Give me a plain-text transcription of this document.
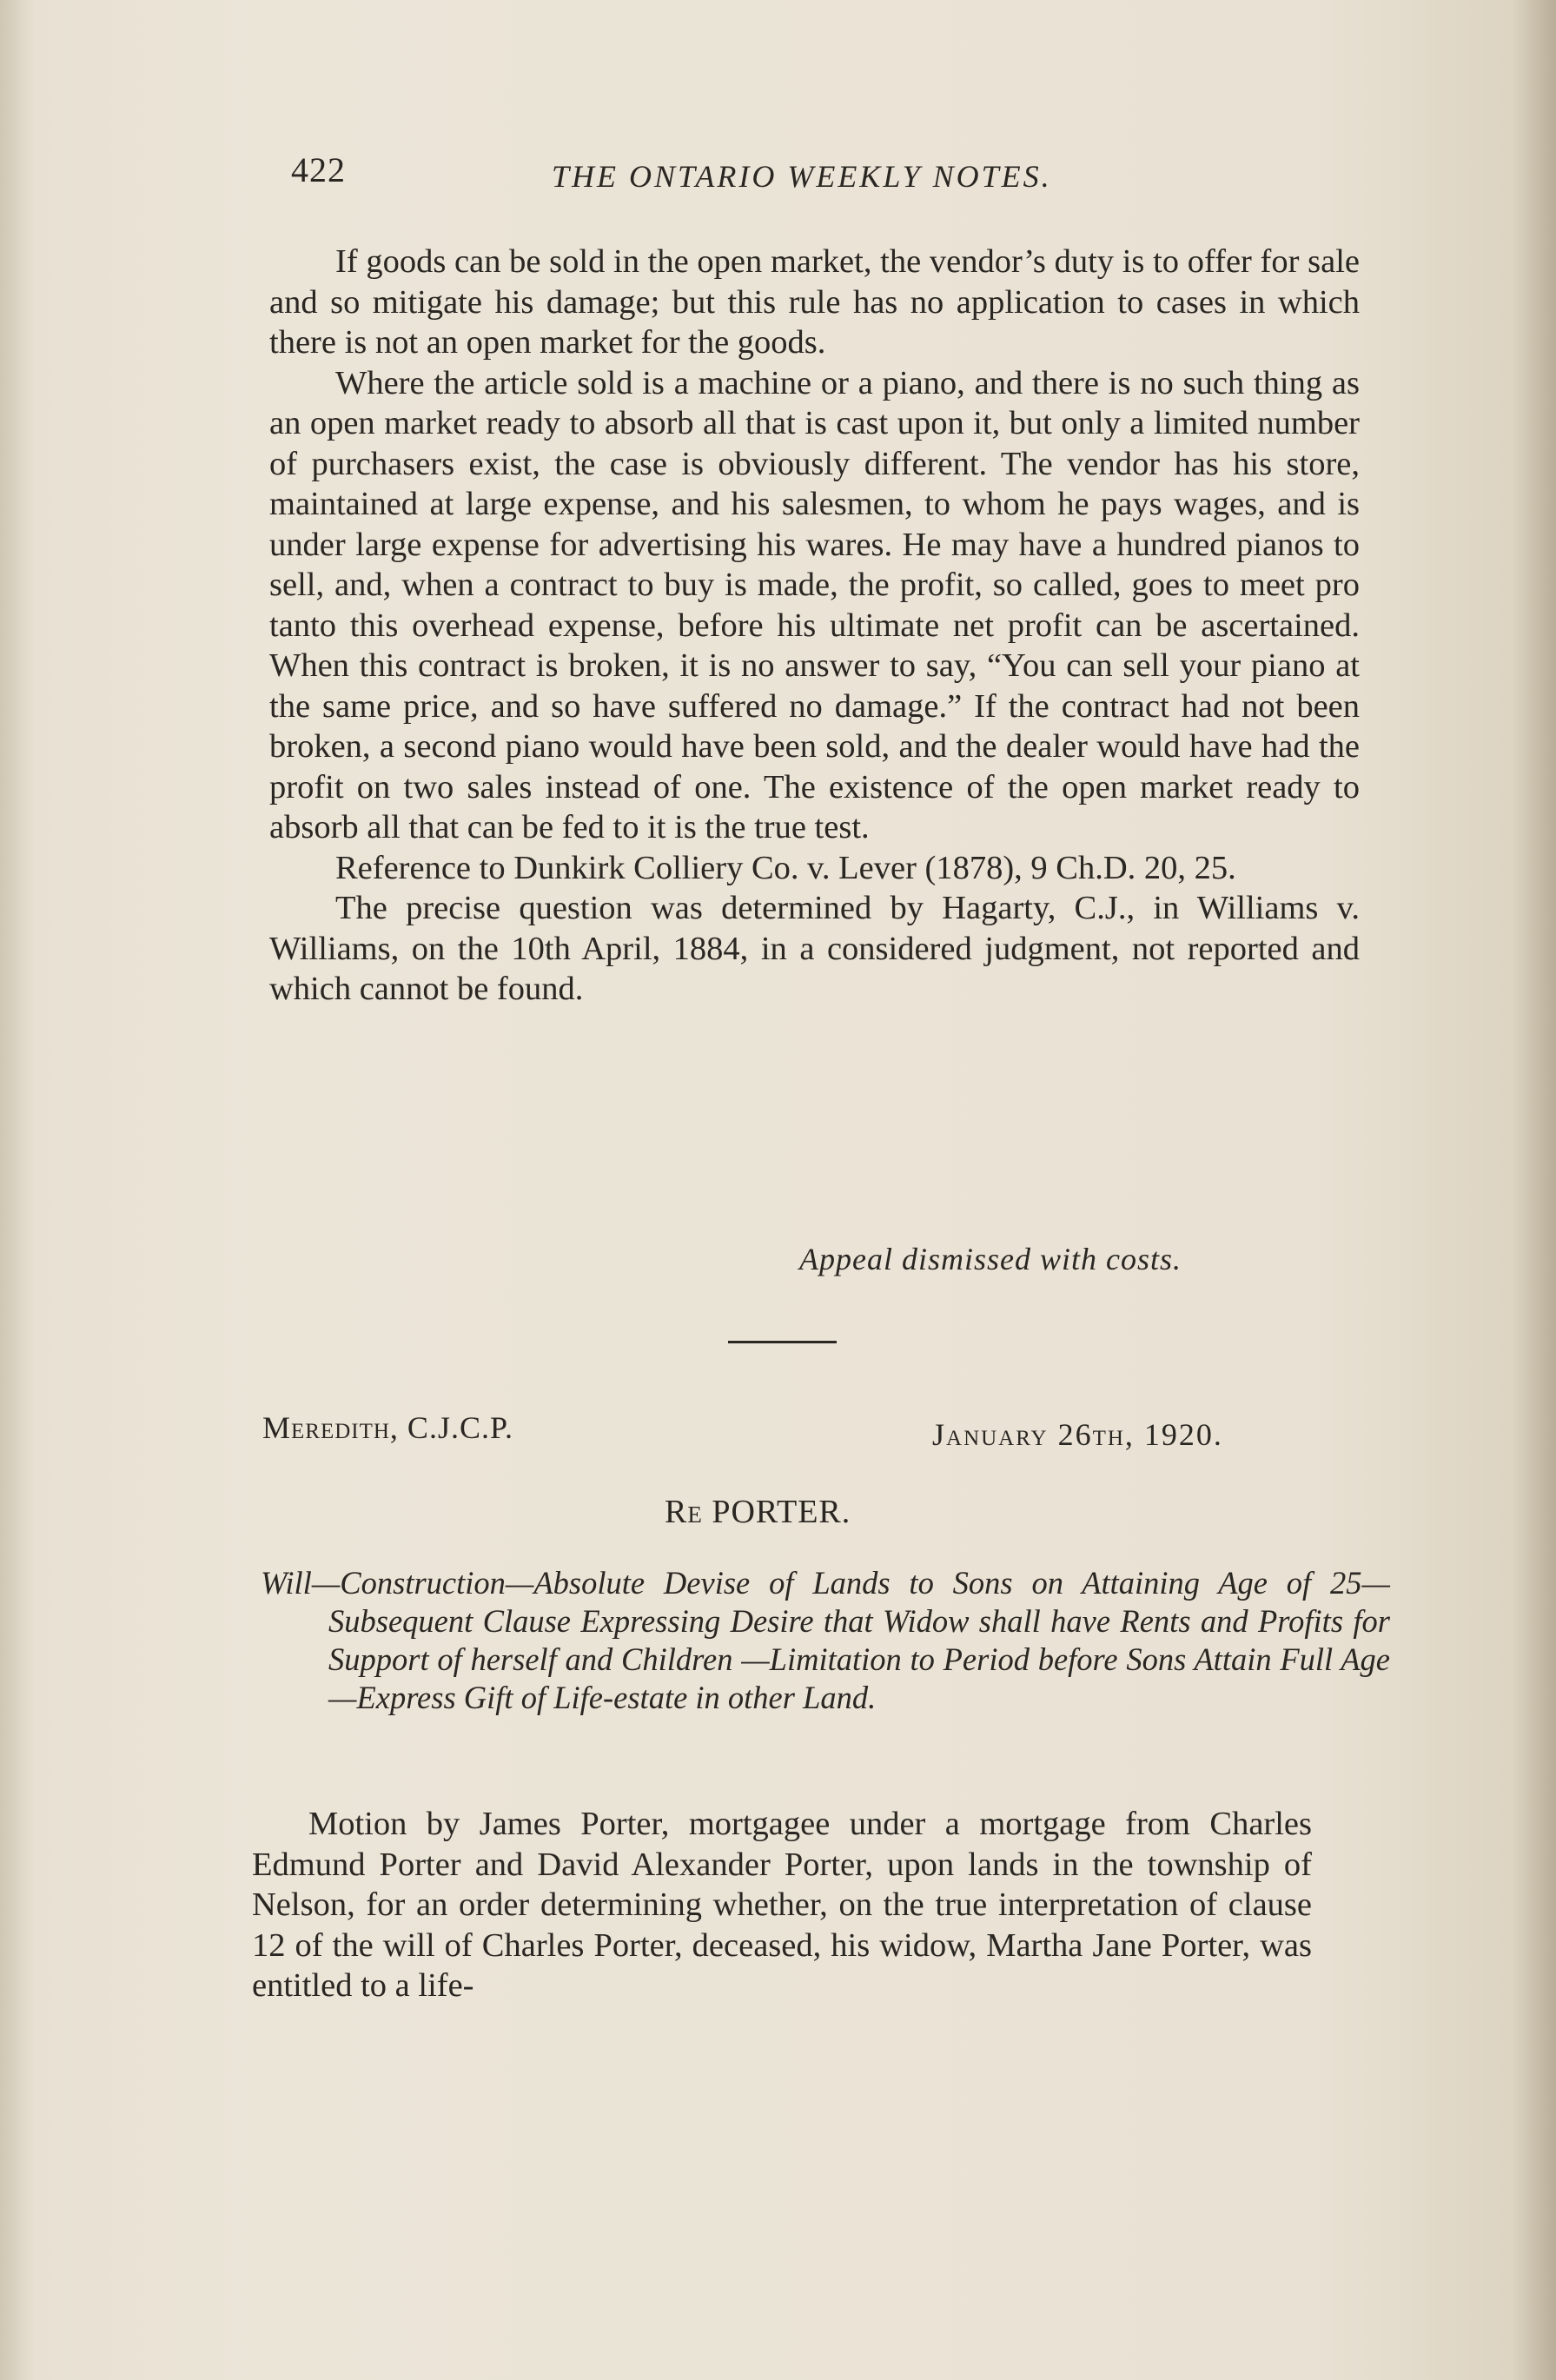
422	THE ONTARIO WEEKLY NOTES.

If goods can be sold in the open market, the vendor’s duty is to offer for sale and so mitigate his damage; but this rule has no application to cases in which there is not an open market for the goods.

Where the article sold is a machine or a piano, and there is no such thing as an open market ready to absorb all that is cast upon it, but only a limited number of purchasers exist, the case is obviously different. The vendor has his store, maintained at large expense, and his salesmen, to whom he pays wages, and is under large expense for advertising his wares. He may have a hundred pianos to sell, and, when a contract to buy is made, the profit, so called, goes to meet pro tanto this overhead expense, before his ultimate net profit can be ascertained. When this contract is broken, it is no answer to say, “You can sell your piano at the same price, and so have suffered no damage.” If the contract had not been broken, a second piano would have been sold, and the dealer would have had the profit on two sales instead of one. The existence of the open market ready to absorb all that can be fed to it is the true test.

Reference to Dunkirk Colliery Co. v. Lever (1878), 9 Ch.D. 20, 25.

The precise question was determined by Hagarty, C.J., in Williams v. Williams, on the 10th April, 1884, in a considered judgment, not reported and which cannot be found.

Appeal dismissed with costs.
Meredith, C.J.C.P.	January 26th, 1920.
Re PORTER.
Will—Construction—Absolute Devise of Lands to Sons on Attaining Age of 25—Subsequent Clause Expressing Desire that Widow shall have Rents and Profits for Support of herself and Children —Limitation to Period before Sons Attain Full Age—Express Gift of Life-estate in other Land.

Motion by James Porter, mortgagee under a mortgage from Charles Edmund Porter and David Alexander Porter, upon lands in the township of Nelson, for an order determining whether, on the true interpretation of clause 12 of the will of Charles Porter, deceased, his widow, Martha Jane Porter, was entitled to a life-
